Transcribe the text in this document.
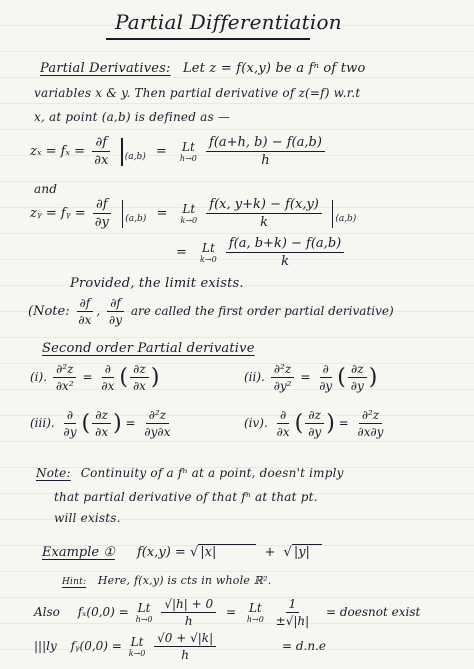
Partial Differentiation
Partial Derivatives: Let z = f(x,y) be a fⁿ of two
variables x & y. Then partial derivative of z(=f) w.r.t
x, at point (a,b) is defined as —
$z_x = f_x = \frac{\partial f}{\partial x} _{(a,b)} = Lt$
h→0
$\frac{f(a+h, b) - f(a,b)}{h}$
and
zᵧ = fᵧ = $\frac{\partial f}{\partial y} _{(a,b)} = Lt$
k→0
$\frac{f(x, y+k) - f(x,y)}{k} _{(a,b)}$
= Lt
k→0
$\frac{f(a, b+k) - f(a,b)}{k}$
Provided, the limit exists.
(Note: $\frac{\partial f}{\partial x}$ , $\frac{\partial f}{\partial y}$ are called the first order partial derivative)
Second order Partial derivative
(i). $\frac{\text{∂²z}}{\text{∂x²}} = \frac{\partial}{\partial x}$ ( $\frac{\partial z}{\partial x}$ )	(ii). $\frac{\text{∂²z}}{\text{∂y²}} = \frac{\partial}{\partial y}$ ( $\frac{\partial z}{\partial y}$ )
(iii). $\frac{\partial}{\partial y}$ ( $\frac{\partial z}{\partial x}$ ) = $\frac{\text{∂²z}}{\partial y\partial x}$	(iv). $\frac{\partial}{\partial x}$ ( $\frac{\partial z}{\partial y}$ ) = $\frac{\text{∂²z}}{\partial x\partial y}$
Note: Continuity of a fⁿ at a point, doesn't imply
that partial derivative of that fⁿ at that pt.
will exists.
Example ① f(x,y) = √ |x|	+ √ |y|
Hint: Here, f(x,y) is cts in whole ℝ².
Also fₓ(0,0) = Lt
h→0
$\frac{√|h| + 0}{h} = Lt$
h→0
$\frac{1}{\pm√|h|}$ = doesnot exist
|||ly fᵧ(0,0) = Lt
k→0
$\frac{√0 + √|k|}{h}$	= d.n.e
